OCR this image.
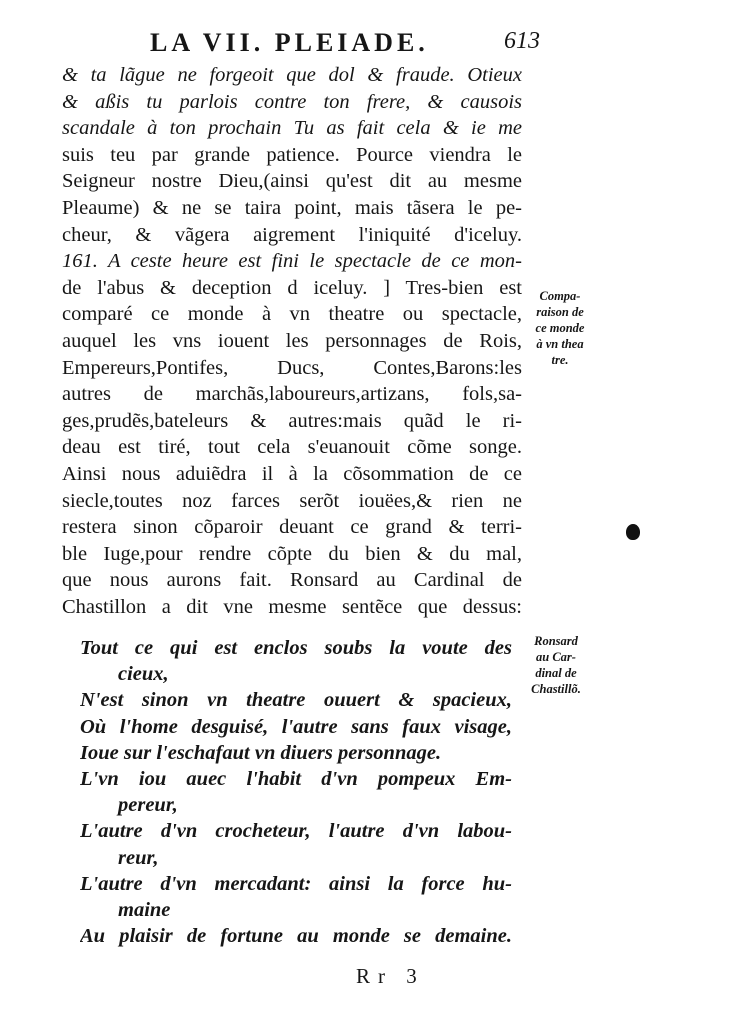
LA VII. PLEIADE.	613
& ta lãgue ne forgeoit que dol & fraude. Otieux
& aßis tu parlois contre ton frere, & causois
scandale à ton prochain Tu as fait cela & ie me
suis teu par grande patience. Pource viendra le
Seigneur nostre Dieu,(ainsi qu'est dit au mesme
Pleaume) & ne se taira point, mais tãsera le pe-
cheur, & vãgera aigrement l'iniquité d'iceluy.
161. A ceste heure est fini le spectacle de ce mon-
de l'abus & deception d iceluy. ] Tres-bien est
comparé ce monde à vn theatre ou spectacle,
auquel les vns iouent les personnages de Rois,
Empereurs,Pontifes, Ducs, Contes,Barons:les
autres de marchãs,laboureurs,artizans, fols,sa-
ges,prudẽs,bateleurs & autres:mais quãd le ri-
deau est tiré, tout cela s'euanouit cõme songe.
Ainsi nous aduiẽdra il à la cõsommation de ce
siecle,toutes noz farces serõt iouëes,& rien ne
restera sinon cõparoir deuant ce grand & terri-
ble Iuge,pour rendre cõpte du bien & du mal,
que nous aurons fait. Ronsard au Cardinal de
Chastillon a dit vne mesme sentẽce que dessus:
Tout ce qui est enclos soubs la voute des
cieux,
N'est sinon vn theatre ouuert & spacieux,
Où l'home desguisé, l'autre sans faux visage,
Ioue sur l'eschafaut vn diuers personnage.
L'vn iou auec l'habit d'vn pompeux Em-
pereur,
L'autre d'vn crocheteur, l'autre d'vn labou-
reur,
L'autre d'vn mercadant: ainsi la force hu-
maine
Au plaisir de fortune au monde se demaine.
Compa-
raison de
ce monde
à vn thea
tre.
Ronsard
au Car-
dinal de
Chastillõ.
Rr 3
